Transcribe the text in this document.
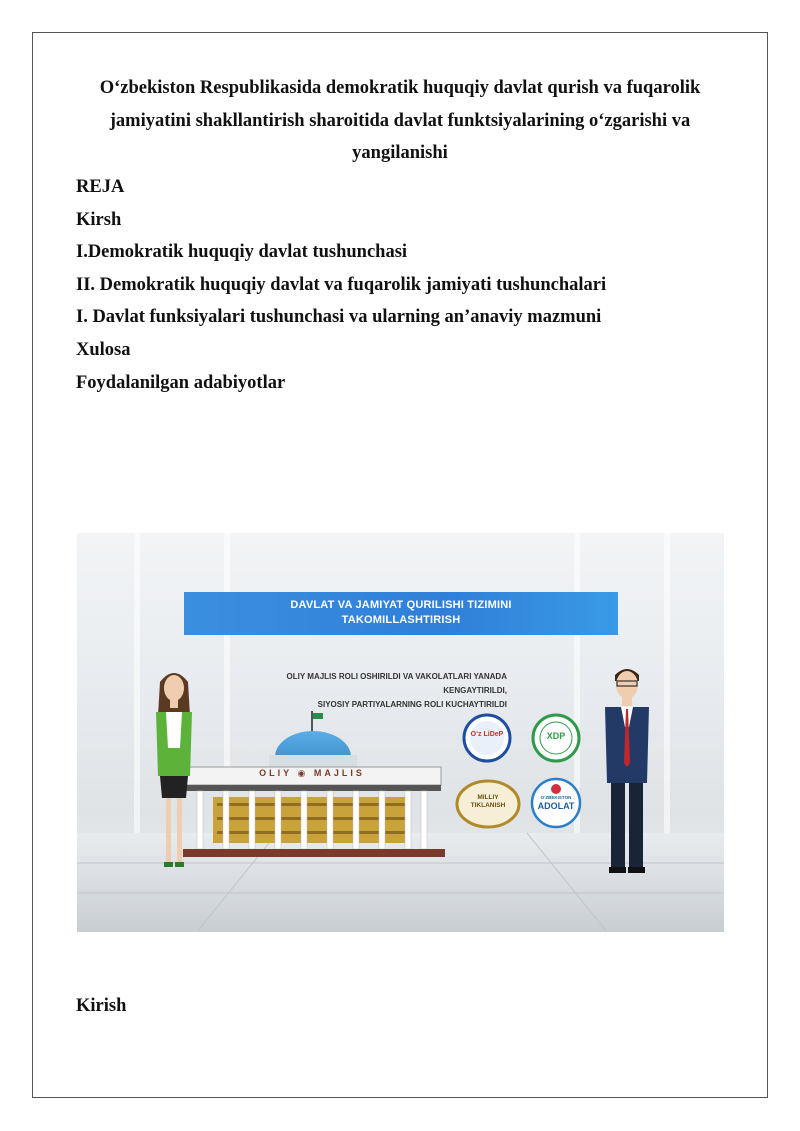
O‘zbekiston Respublikasida demokratik huquqiy davlat qurish va fuqarolik jamiyatini shakllantirish sharoitida davlat funktsiyalarining o‘zgarishi va yangilanishi
REJA
Kirsh
I.Demokratik huquqiy davlat tushunchasi
II. Demokratik huquqiy davlat va fuqarolik jamiyati tushunchalari
I. Davlat funksiyalari tushunchasi va ularning an’anaviy mazmuni
Xulosa
Foydalanilgan adabiyotlar
DAVLAT VA JAMIYAT QURILISHI TIZIMINI
TAKOMILLASHTIRISH
OLIY MAJLIS ROLI OSHIRILDI VA VAKOLATLARI YANADA KENGAYTIRILDI,
SIYOSIY PARTIYALARNING ROLI KUCHAYTIRILDI
OLIY ◉ MAJLIS
O‘z LiDeP	XDP
MILLIY
TIKLANISH
O‘ZBEKISTON
ADOLAT
Kirish
